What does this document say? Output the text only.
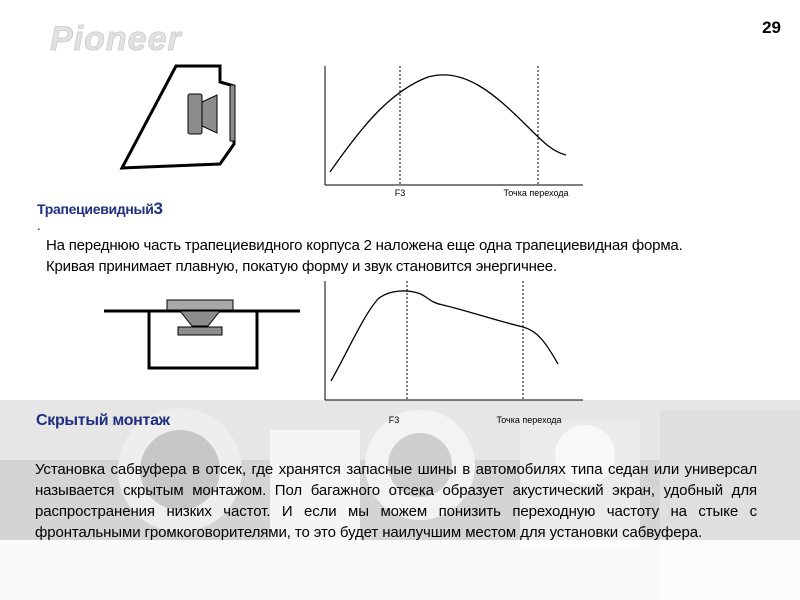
29
Pioneer
F3	Точка перехода
Трапециевидный3
.

На переднюю часть трапециевидного корпуса 2 наложена еще одна трапециевидная форма.

Кривая принимает плавную, покатую форму и звук становится энергичнее.

F3	Точка перехода
Скрытый монтаж
Установка сабвуфера в отсек, где хранятся запасные шины в автомобилях типа седан или универсал называется скрытым монтажом. Пол багажного отсека образует акустический экран, удобный для распространения низких частот. И если мы можем понизить переходную частоту на стыке с фронтальными громкоговорителями, то это будет наилучшим местом для установки сабвуфера.
